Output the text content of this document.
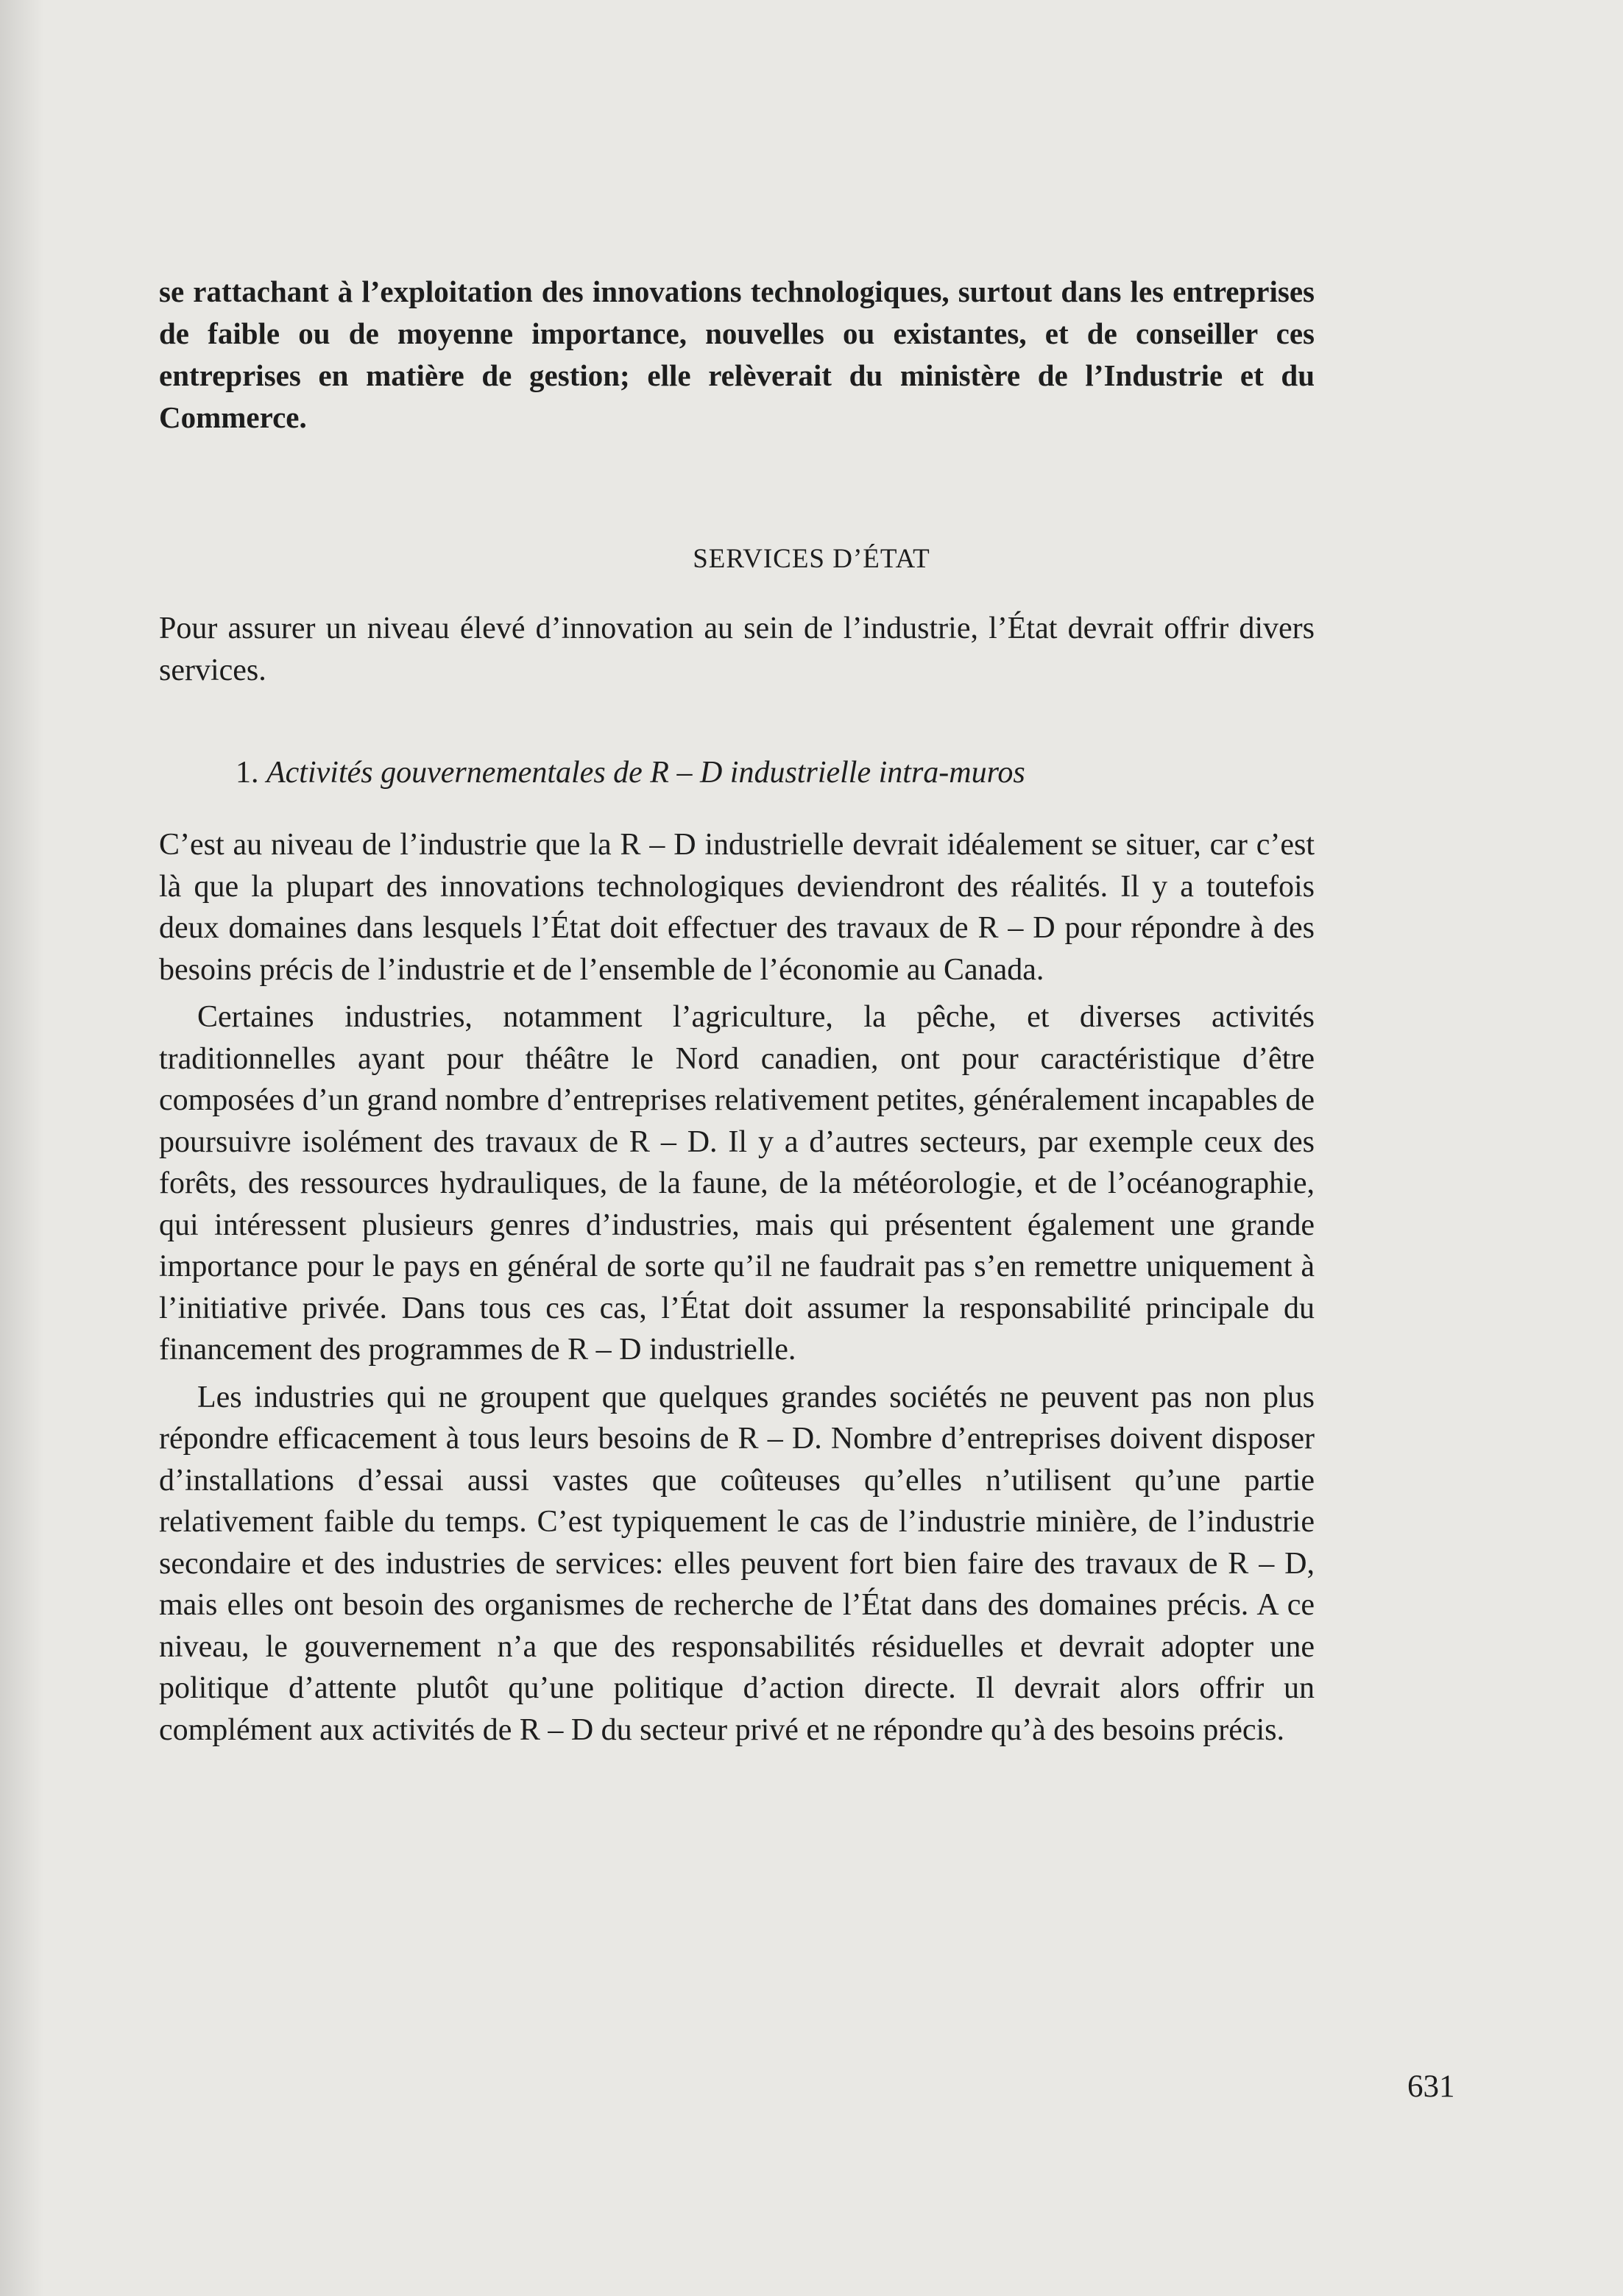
se rattachant à l’exploitation des innovations technologiques, surtout dans les entreprises de faible ou de moyenne importance, nouvelles ou existantes, et de conseiller ces entreprises en matière de gestion; elle relèverait du ministère de l’Industrie et du Commerce.
SERVICES D’ÉTAT
Pour assurer un niveau élevé d’innovation au sein de l’industrie, l’État devrait offrir divers services.
1. Activités gouvernementales de R – D industrielle intra-muros

C’est au niveau de l’industrie que la R – D industrielle devrait idéalement se situer, car c’est là que la plupart des innovations technologiques deviendront des réalités. Il y a toutefois deux domaines dans lesquels l’État doit effectuer des travaux de R – D pour répondre à des besoins précis de l’industrie et de l’ensemble de l’économie au Canada.

Certaines industries, notamment l’agriculture, la pêche, et diverses activités traditionnelles ayant pour théâtre le Nord canadien, ont pour caractéristique d’être composées d’un grand nombre d’entreprises relativement petites, généralement incapables de poursuivre isolément des travaux de R – D. Il y a d’autres secteurs, par exemple ceux des forêts, des ressources hydrauliques, de la faune, de la météorologie, et de l’océanographie, qui intéressent plusieurs genres d’industries, mais qui présentent également une grande importance pour le pays en général de sorte qu’il ne faudrait pas s’en remettre uniquement à l’initiative privée. Dans tous ces cas, l’État doit assumer la responsabilité principale du financement des programmes de R – D industrielle.

Les industries qui ne groupent que quelques grandes sociétés ne peuvent pas non plus répondre efficacement à tous leurs besoins de R – D. Nombre d’entreprises doivent disposer d’installations d’essai aussi vastes que coûteuses qu’elles n’utilisent qu’une partie relativement faible du temps. C’est typiquement le cas de l’industrie minière, de l’industrie secondaire et des industries de services: elles peuvent fort bien faire des travaux de R – D, mais elles ont besoin des organismes de recherche de l’État dans des domaines précis. A ce niveau, le gouvernement n’a que des responsabilités résiduelles et devrait adopter une politique d’attente plutôt qu’une politique d’action directe. Il devrait alors offrir un complément aux activités de R – D du secteur privé et ne répondre qu’à des besoins précis.

631
